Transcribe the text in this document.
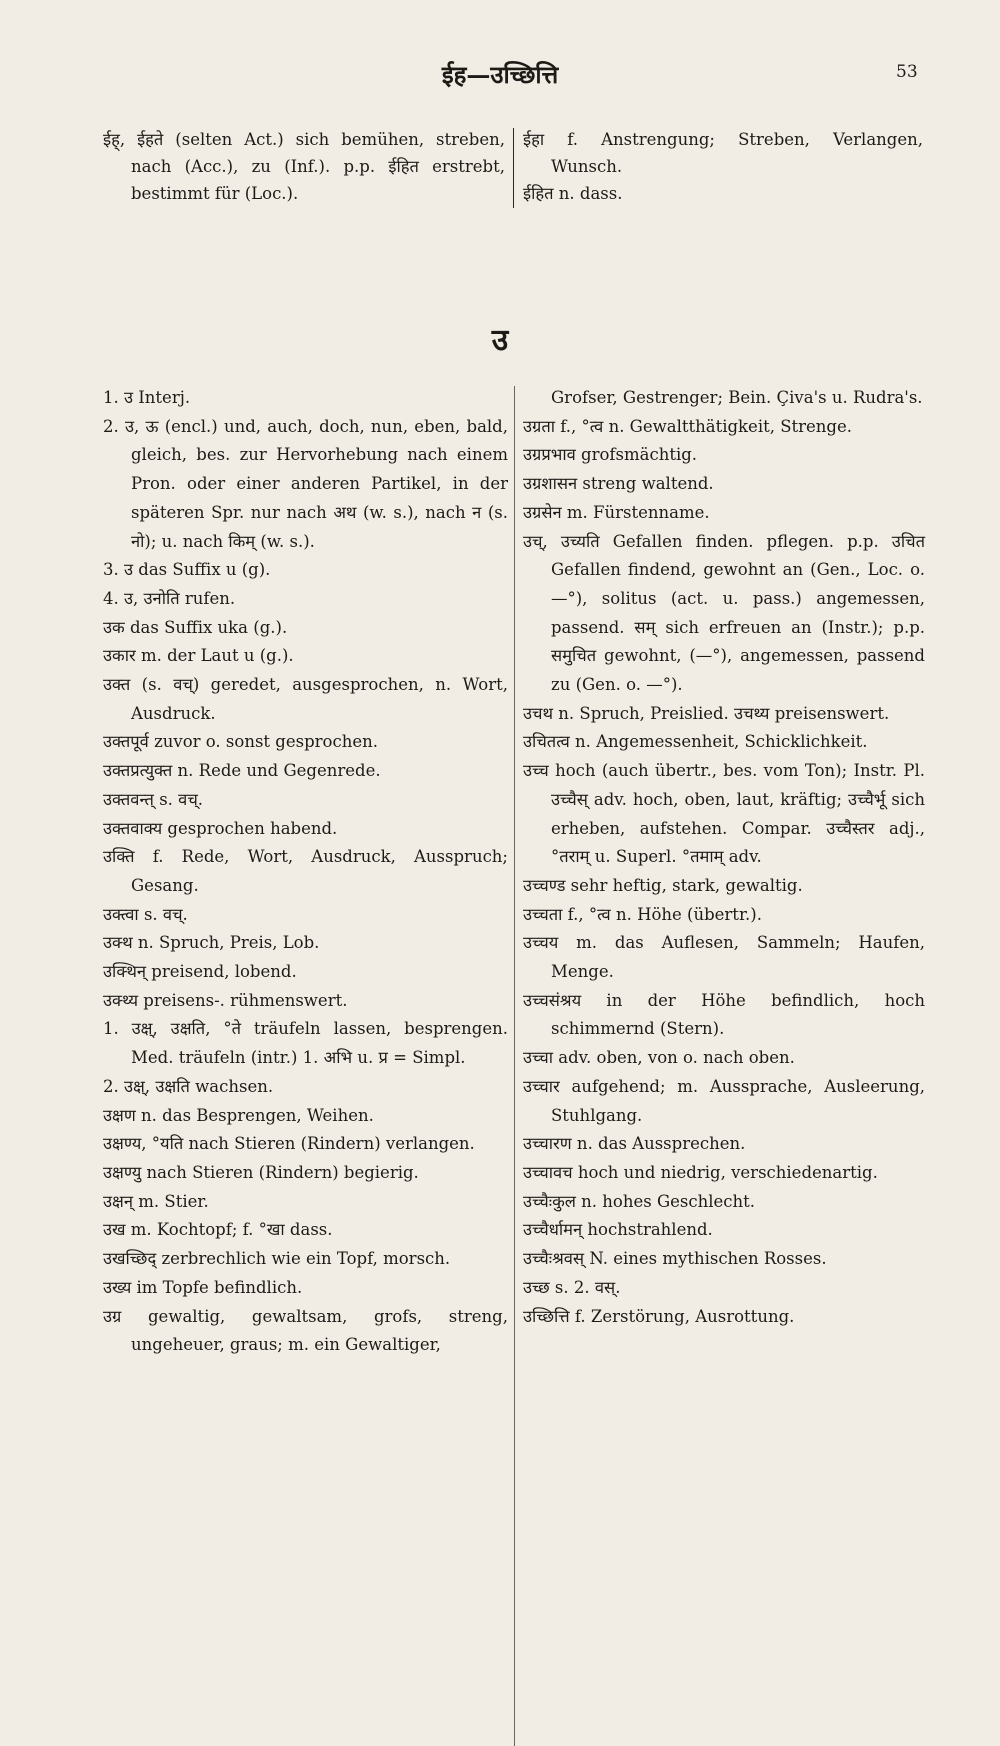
ईह—उच्छित्ति	53

ईह्, ईहते (selten Act.) sich bemühen, streben, nach (Acc.), zu (Inf.). p.p. ईहित erstrebt, bestimmt für (Loc.).

ईहा f. Anstrengung; Streben, Verlangen, Wunsch.

ईहित n. dass.

उ

1. उ Interj.

2. उ, ऊ (encl.) und, auch, doch, nun, eben, bald, gleich, bes. zur Hervorhebung nach einem Pron. oder einer anderen Partikel, in der späteren Spr. nur nach अथ (w. s.), nach न (s. नो); u. nach किम् (w. s.).

3. उ das Suffix u (g).

4. उ, उनोति rufen.

उक das Suffix uka (g.).

उकार m. der Laut u (g.).

उक्त (s. वच्) geredet, ausgesprochen, n. Wort, Ausdruck.

उक्तपूर्व zuvor o. sonst gesprochen.

उक्तप्रत्युक्त n. Rede und Gegenrede.

उक्तवन्त् s. वच्.

उक्तवाक्य gesprochen habend.

उक्ति f. Rede, Wort, Ausdruck, Ausspruch; Gesang.

उक्त्वा s. वच्.

उक्थ n. Spruch, Preis, Lob.

उक्थिन् preisend, lobend.

उक्थ्य preisens-. rühmenswert.

1. उक्ष्, उक्षति, °ते träufeln lassen, besprengen. Med. träufeln (intr.) 1. अभि u. प्र = Simpl.

2. उक्ष्, उक्षति wachsen.

उक्षण n. das Besprengen, Weihen.

उक्षण्य, °यति nach Stieren (Rindern) verlangen.

उक्षण्यु nach Stieren (Rindern) begierig.

उक्षन् m. Stier.

उख m. Kochtopf; f. °खा dass.

उखच्छिद् zerbrechlich wie ein Topf, morsch.

उख्य im Topfe befindlich.

उग्र gewaltig, gewaltsam, grofs, streng, ungeheuer, graus; m. ein Gewaltiger,

Grofser, Gestrenger; Bein. Çiva's u. Rudra's.

उग्रता f., °त्व n. Gewaltthätigkeit, Strenge.

उग्रप्रभाव grofsmächtig.

उग्रशासन streng waltend.

उग्रसेन m. Fürstenname.

उच्, उच्यति Gefallen finden. pflegen. p.p. उचित Gefallen findend, gewohnt an (Gen., Loc. o. —°), solitus (act. u. pass.) angemessen, passend. सम् sich erfreuen an (Instr.); p.p. समुचित gewohnt, (—°), angemessen, passend zu (Gen. o. —°).

उचथ n. Spruch, Preislied. उचथ्य preisenswert.

उचितत्व n. Angemessenheit, Schicklichkeit.

उच्च hoch (auch übertr., bes. vom Ton); Instr. Pl. उच्चैस् adv. hoch, oben, laut, kräftig; उच्चैर्भू sich erheben, aufstehen. Compar. उच्चैस्तर adj., °तराम् u. Superl. °तमाम् adv.

उच्चण्ड sehr heftig, stark, gewaltig.

उच्चता f., °त्व n. Höhe (übertr.).

उच्चय m. das Auflesen, Sammeln; Haufen, Menge.

उच्चसंश्रय in der Höhe befindlich, hoch schimmernd (Stern).

उच्चा adv. oben, von o. nach oben.

उच्चार aufgehend; m. Aussprache, Ausleerung, Stuhlgang.

उच्चारण n. das Aussprechen.

उच्चावच hoch und niedrig, verschiedenartig.

उच्चैःकुल n. hohes Geschlecht.

उच्चैर्धामन् hochstrahlend.

उच्चैःश्रवस् N. eines mythischen Rosses.

उच्छ s. 2. वस्.

उच्छित्ति f. Zerstörung, Ausrottung.
